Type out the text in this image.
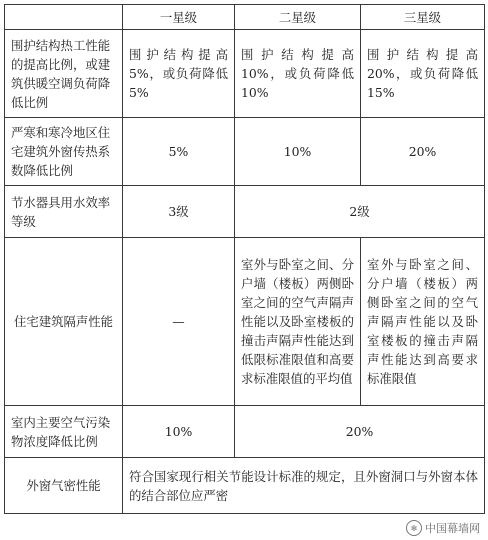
	一星级	二星级	三星级
围护结构热工性能的提高比例，或建筑供暖空调负荷降低比例	围护结构提高5%，或负荷降低5%	围护结构提高10%，或负荷降低10%	围护结构提高20%，或负荷降低15%
严寒和寒冷地区住宅建筑外窗传热系数降低比例	5%	10%	20%
节水器具用水效率等级	3级	2级	
住宅建筑隔声性能	—	室外与卧室之间、分户墙（楼板）两侧卧室之间的空气声隔声性能以及卧室楼板的撞击声隔声性能达到低限标准限值和高要求标准限值的平均值	室外与卧室之间、分户墙（楼板）两侧卧室之间的空气声隔声性能以及卧室楼板的撞击声隔声性能达到高要求标准限值
室内主要空气污染物浓度降低比例	10%	20%	
外窗气密性能	符合国家现行相关节能设计标准的规定，且外窗洞口与外窗本体的结合部位应严密		
✻ 中国幕墙网
